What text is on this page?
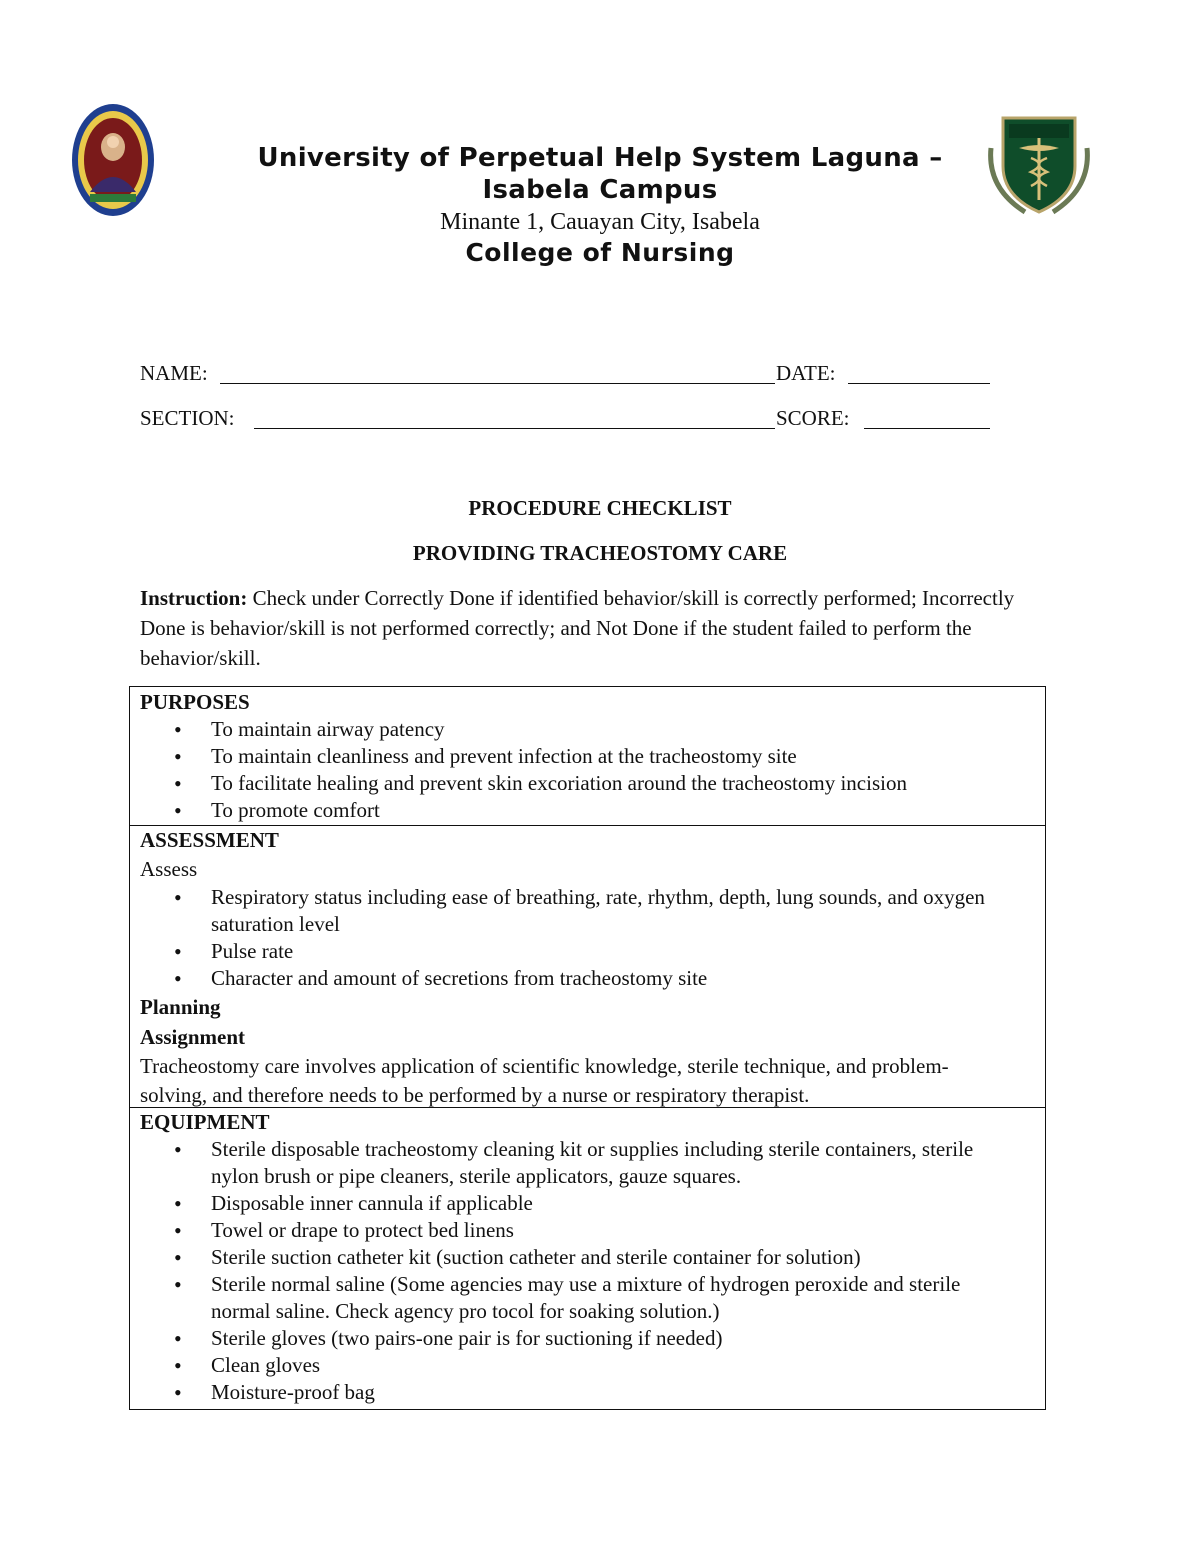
University of Perpetual Help System Laguna –
Isabela Campus
Minante 1, Cauayan City, Isabela
College of Nursing
NAME:	DATE:
SECTION:	SCORE:
PROCEDURE CHECKLIST
PROVIDING TRACHEOSTOMY CARE
Instruction: Check under Correctly Done if identified behavior/skill is correctly performed; Incorrectly Done is behavior/skill is not performed correctly; and Not Done if the student failed to perform the behavior/skill.
PURPOSES
• To maintain airway patency
• To maintain cleanliness and prevent infection at the tracheostomy site
• To facilitate healing and prevent skin excoriation around the tracheostomy incision
• To promote comfort
ASSESSMENT
Assess
• Respiratory status including ease of breathing, rate, rhythm, depth, lung sounds, and oxygen saturation level
• Pulse rate
• Character and amount of secretions from tracheostomy site
Planning
Assignment
Tracheostomy care involves application of scientific knowledge, sterile technique, and problem-solving, and therefore needs to be performed by a nurse or respiratory therapist.
EQUIPMENT
• Sterile disposable tracheostomy cleaning kit or supplies including sterile containers, sterile nylon brush or pipe cleaners, sterile applicators, gauze squares.
• Disposable inner cannula if applicable
• Towel or drape to protect bed linens
• Sterile suction catheter kit (suction catheter and sterile container for solution)
• Sterile normal saline (Some agencies may use a mixture of hydrogen peroxide and sterile normal saline. Check agency pro tocol for soaking solution.)
• Sterile gloves (two pairs-one pair is for suctioning if needed)
• Clean gloves
• Moisture-proof bag
